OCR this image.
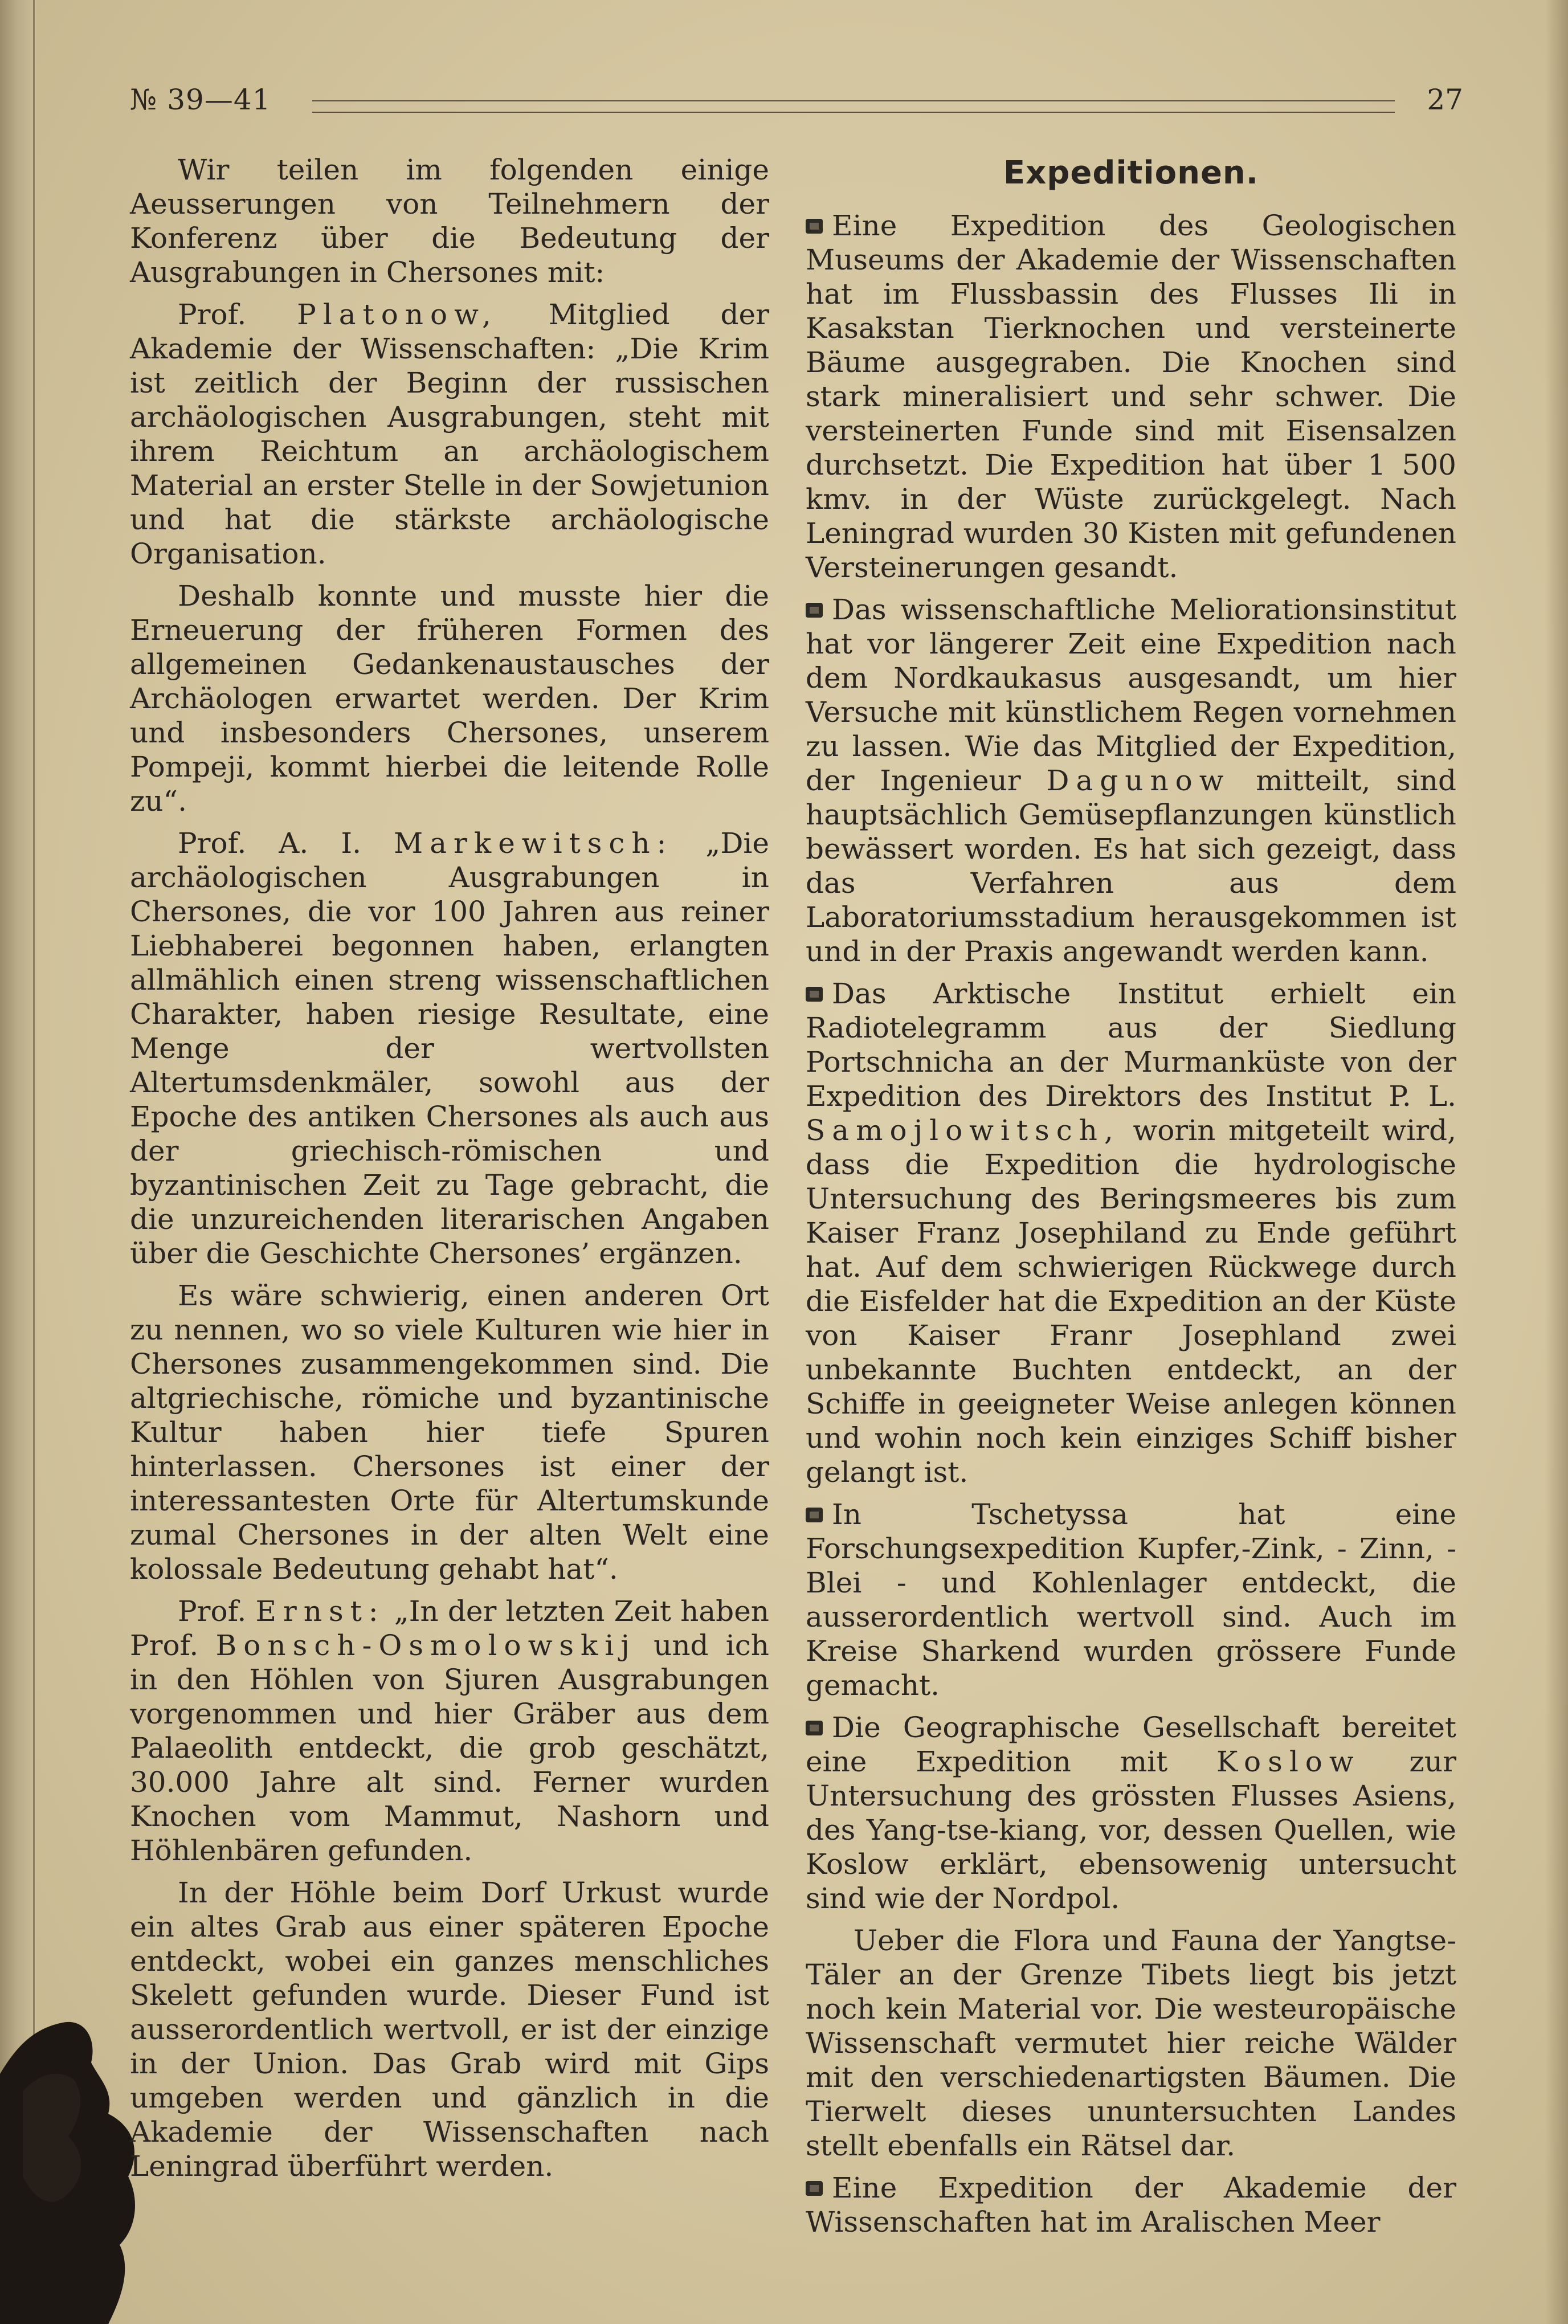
№ 39—41	27

Wir teilen im folgenden einige Aeusserungen von Teilnehmern der Konferenz über die Bedeutung der Ausgrabungen in Chersones mit:

Prof. Platonow, Mitglied der Akademie der Wissenschaften: „Die Krim ist zeitlich der Beginn der russischen archäologischen Ausgrabungen, steht mit ihrem Reichtum an archäologischem Material an erster Stelle in der Sowjetunion und hat die stärkste archäologische Organisation.

Deshalb konnte und musste hier die Erneuerung der früheren Formen des allgemeinen Gedankenaustausches der Archäologen erwartet werden. Der Krim und insbesonders Chersones, unserem Pompeji, kommt hierbei die leitende Rolle zu“.

Prof. A. I. Markewitsch: „Die archäologischen Ausgrabungen in Chersones, die vor 100 Jahren aus reiner Liebhaberei begonnen haben, erlangten allmählich einen streng wissenschaftlichen Charakter, haben riesige Resultate, eine Menge der wertvollsten Altertumsdenkmäler, sowohl aus der Epoche des antiken Chersones als auch aus der griechisch-römischen und byzantinischen Zeit zu Tage gebracht, die die unzureichenden literarischen Angaben über die Geschichte Chersones’ ergänzen.

Es wäre schwierig, einen anderen Ort zu nennen, wo so viele Kulturen wie hier in Chersones zusammengekommen sind. Die altgriechische, römiche und byzantinische Kultur haben hier tiefe Spuren hinterlassen. Chersones ist einer der interessantesten Orte für Altertumskunde zumal Chersones in der alten Welt eine kolossale Bedeutung gehabt hat“.

Prof. Ernst: „In der letzten Zeit haben Prof. Bonsch-Osmolowskij und ich in den Höhlen von Sjuren Ausgrabungen vorgenommen und hier Gräber aus dem Palaeolith entdeckt, die grob geschätzt, 30.000 Jahre alt sind. Ferner wurden Knochen vom Mammut, Nashorn und Höhlenbären gefunden.

In der Höhle beim Dorf Urkust wurde ein altes Grab aus einer späteren Epoche entdeckt, wobei ein ganzes menschliches Skelett gefunden wurde. Dieser Fund ist ausserordentlich wertvoll, er ist der einzige in der Union. Das Grab wird mit Gips umgeben werden und gänzlich in die Akademie der Wissenschaften nach Leningrad überführt werden.

Expeditionen.

Eine Expedition des Geologischen Museums der Akademie der Wissenschaften hat im Flussbassin des Flusses Ili in Kasakstan Tierknochen und versteinerte Bäume ausgegraben. Die Knochen sind stark mineralisiert und sehr schwer. Die versteinerten Funde sind mit Eisensalzen durchsetzt. Die Expedition hat über 1 500 kmv. in der Wüste zurückgelegt. Nach Leningrad wurden 30 Kisten mit gefundenen Versteinerungen gesandt.

Das wissenschaftliche Meliorationsinstitut hat vor längerer Zeit eine Expedition nach dem Nordkaukasus ausgesandt, um hier Versuche mit künstlichem Regen vornehmen zu lassen. Wie das Mitglied der Expedition, der Ingenieur Dagunow mitteilt, sind hauptsächlich Gemüsepflanzungen künstlich bewässert worden. Es hat sich gezeigt, dass das Verfahren aus dem Laboratoriumsstadium herausgekommen ist und in der Praxis angewandt werden kann.

Das Arktische Institut erhielt ein Radiotelegramm aus der Siedlung Portschnicha an der Murmanküste von der Expedition des Direktors des Institut P. L. Samojlowitsch, worin mitgeteilt wird, dass die Expedition die hydrologische Untersuchung des Beringsmeeres bis zum Kaiser Franz Josephiland zu Ende geführt hat. Auf dem schwierigen Rückwege durch die Eisfelder hat die Expedition an der Küste von Kaiser Franr Josephland zwei unbekannte Buchten entdeckt, an der Schiffe in geeigneter Weise anlegen können und wohin noch kein einziges Schiff bisher gelangt ist.

In Tschetyssa hat eine Forschungsexpedition Kupfer,-Zink, - Zinn, - Blei - und Kohlenlager entdeckt, die ausserordentlich wertvoll sind. Auch im Kreise Sharkend wurden grössere Funde gemacht.

Die Geographische Gesellschaft bereitet eine Expedition mit Koslow zur Untersuchung des grössten Flusses Asiens, des Yang-tse-kiang, vor, dessen Quellen, wie Koslow erklärt, ebensowenig untersucht sind wie der Nordpol.

Ueber die Flora und Fauna der Yangtse-Täler an der Grenze Tibets liegt bis jetzt noch kein Material vor. Die westeuropäische Wissenschaft vermutet hier reiche Wälder mit den verschiedenartigsten Bäumen. Die Tierwelt dieses ununtersuchten Landes stellt ebenfalls ein Rätsel dar.

Eine Expedition der Akademie der Wissenschaften hat im Aralischen Meer
